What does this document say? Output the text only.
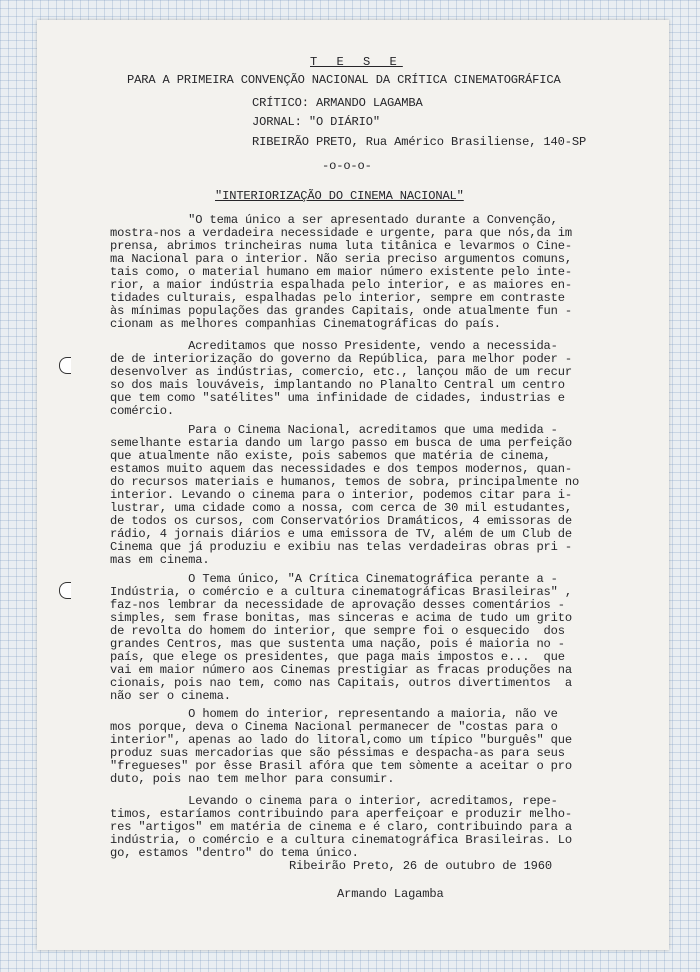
T E S E
PARA A PRIMEIRA CONVENÇÃO NACIONAL DA CRÍTICA CINEMATOGRÁFICA
CRÍTICO: ARMANDO LAGAMBA
JORNAL: "O DIÁRIO"
RIBEIRÃO PRETO, Rua Américo Brasiliense, 140-SP
-o-o-o-
"INTERIORIZAÇÃO DO CINEMA NACIONAL"
"O tema único a ser apresentado durante a Convenção,
mostra-nos a verdadeira necessidade e urgente, para que nós,da im
prensa, abrimos trincheiras numa luta titânica e levarmos o Cine-
ma Nacional para o interior. Não seria preciso argumentos comuns,
tais como, o material humano em maior número existente pelo inte-
rior, a maior indústria espalhada pelo interior, e as maiores en-
tidades culturais, espalhadas pelo interior, sempre em contraste
às mínimas populações das grandes Capitais, onde atualmente fun -
cionam as melhores companhias Cinematográficas do país.
Acreditamos que nosso Presidente, vendo a necessida-
de de interiorização do governo da República, para melhor poder -
desenvolver as indústrias, comercio, etc., lançou mão de um recur
so dos mais louváveis, implantando no Planalto Central um centro
que tem como "satélites" uma infinidade de cidades, industrias e
comércio.
Para o Cinema Nacional, acreditamos que uma medida -
semelhante estaria dando um largo passo em busca de uma perfeição
que atualmente não existe, pois sabemos que matéria de cinema,
estamos muito aquem das necessidades e dos tempos modernos, quan-
do recursos materiais e humanos, temos de sobra, principalmente no
interior. Levando o cinema para o interior, podemos citar para i-
lustrar, uma cidade como a nossa, com cerca de 30 mil estudantes,
de todos os cursos, com Conservatórios Dramáticos, 4 emissoras de
rádio, 4 jornais diários e uma emissora de TV, além de um Club de
Cinema que já produziu e exibiu nas telas verdadeiras obras pri -
mas em cinema.
O Tema único, "A Crítica Cinematográfica perante a -
Indústria, o comércio e a cultura cinematográficas Brasileiras" ,
faz-nos lembrar da necessidade de aprovação desses comentários -
simples, sem frase bonitas, mas sinceras e acima de tudo um grito
de revolta do homem do interior, que sempre foi o esquecido  dos
grandes Centros, mas que sustenta uma nação, pois é maioria no -
país, que elege os presidentes, que paga mais impostos e...  que
vai em maior número aos Cinemas prestigiar as fracas produções na
cionais, pois nao tem, como nas Capitais, outros divertimentos  a
não ser o cinema.
O homem do interior, representando a maioria, não ve
mos porque, deva o Cinema Nacional permanecer de "costas para o
interior", apenas ao lado do litoral,como um típico "burguês" que
produz suas mercadorias que são péssimas e despacha-as para seus
"fregueses" por êsse Brasil afóra que tem sòmente a aceitar o pro
duto, pois nao tem melhor para consumir.
Levando o cinema para o interior, acreditamos, repe-
timos, estaríamos contribuindo para aperfeiçoar e produzir melho-
res "artigos" em matéria de cinema e é claro, contribuindo para a
indústria, o comércio e a cultura cinematográfica Brasileiras. Lo
go, estamos "dentro" do tema único.
Ribeirão Preto, 26 de outubro de 1960
Armando Lagamba
